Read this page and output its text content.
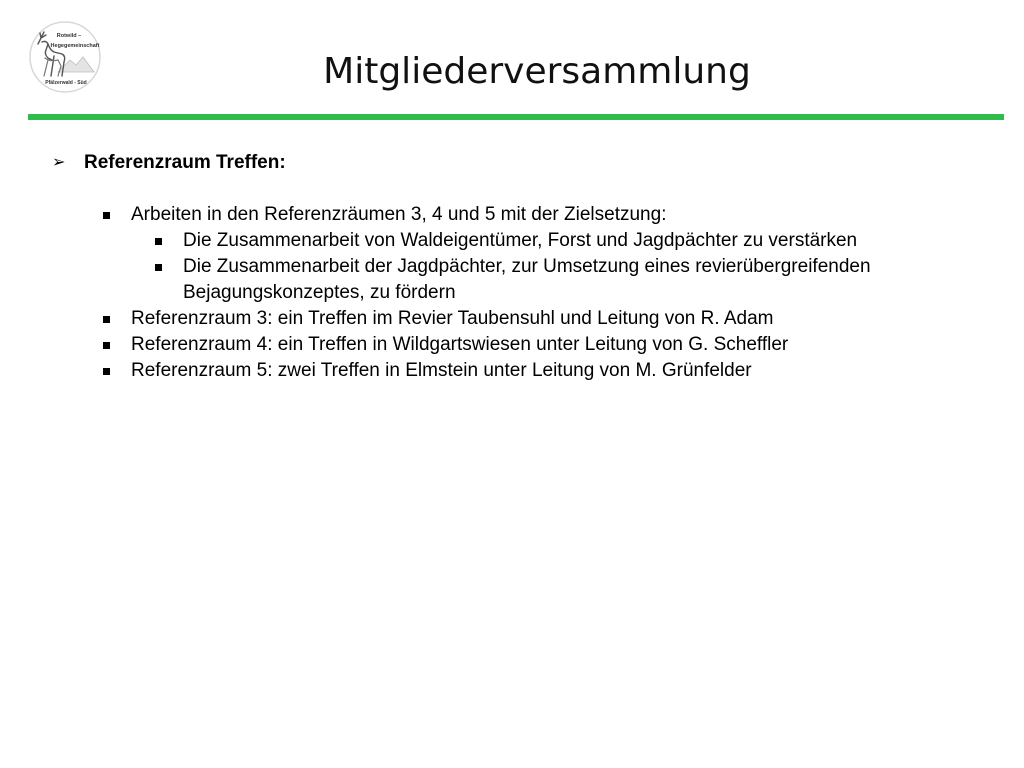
Rotwild –
Hegegemeinschaft
Pfälzerwald - Süd	Mitgliederversammlung
➢ Referenzraum Treffen:
Arbeiten in den Referenzräumen 3, 4 und 5 mit der Zielsetzung:
Die Zusammenarbeit von Waldeigentümer, Forst und Jagdpächter zu verstärken
Die Zusammenarbeit der Jagdpächter, zur Umsetzung eines revierübergreifenden Bejagungskonzeptes, zu fördern
Referenzraum 3: ein Treffen im Revier Taubensuhl und Leitung von R. Adam
Referenzraum 4: ein Treffen in Wildgartswiesen unter Leitung von G. Scheffler
Referenzraum 5: zwei Treffen in Elmstein unter Leitung von M. Grünfelder
